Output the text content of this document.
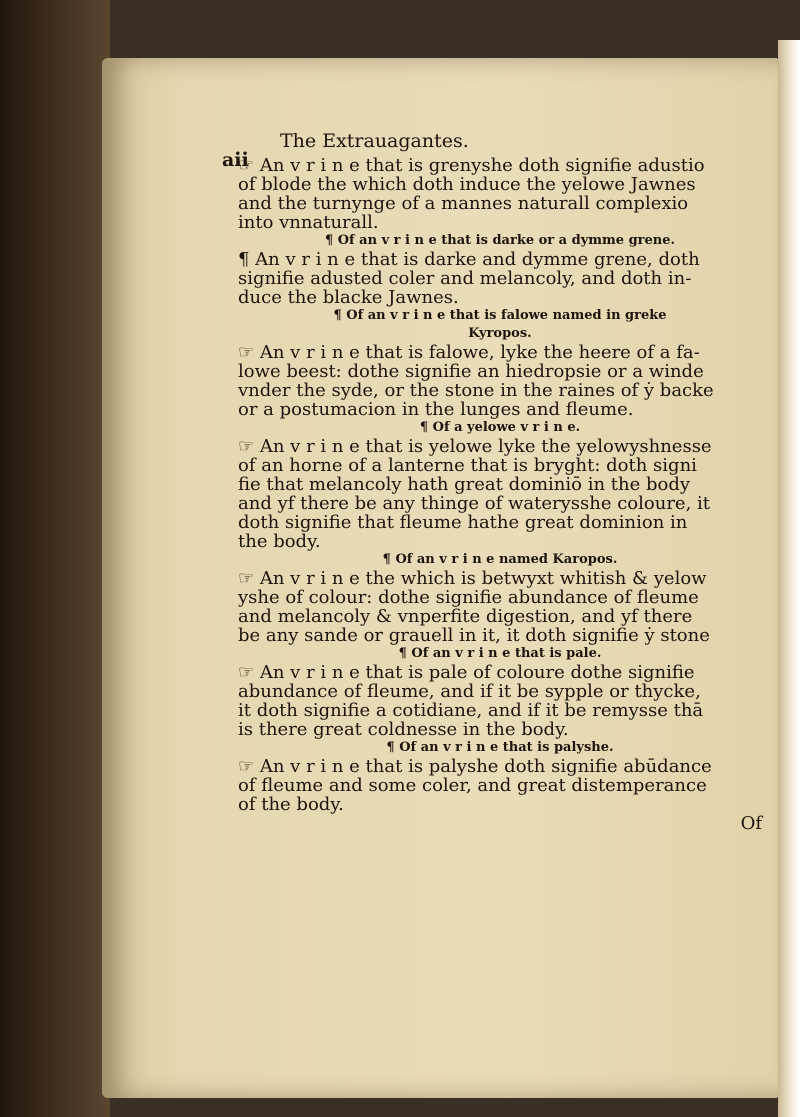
aii
The Extrauagantes.
☞ An v r i n e that is grenyshe doth signifie adustio
of blode the which doth induce the yelowe Jawnes
and the turnynge of a mannes naturall complexio
into vnnaturall.
¶ Of an v r i n e that is darke or a dymme grene.
¶ An v r i n e that is darke and dymme grene, doth
signifie adusted coler and melancoly, and doth in-
duce the blacke Jawnes.
¶ Of an v r i n e that is falowe named in greke
Kyropos.
☞ An v r i n e that is falowe, lyke the heere of a fa-
lowe beest: dothe signifie an hiedropsie or a winde
vnder the syde, or the stone in the raines of ẏ backe
or a postumacion in the lunges and fleume.
¶ Of a yelowe v r i n e.
☞ An v r i n e that is yelowe lyke the yelowyshnesse
of an horne of a lanterne that is bryght: doth signi
fie that melancoly hath great dominiō in the body
and yf there be any thinge of waterysshe coloure, it
doth signifie that fleume hathe great dominion in
the body.
¶ Of an v r i n e named Karopos.
☞ An v r i n e the which is betwyxt whitish & yelow
yshe of colour: dothe signifie abundance of fleume
and melancoly & vnperfite digestion, and yf there
be any sande or grauell in it, it doth signifie ẏ stone
¶ Of an v r i n e that is pale.
☞ An v r i n e that is pale of coloure dothe signifie
abundance of fleume, and if it be sypple or thycke,
it doth signifie a cotidiane, and if it be remysse thā
is there great coldnesse in the body.
¶ Of an v r i n e that is palyshe.
☞ An v r i n e that is palyshe doth signifie abūdance
of fleume and some coler, and great distemperance
of the body.
Of
